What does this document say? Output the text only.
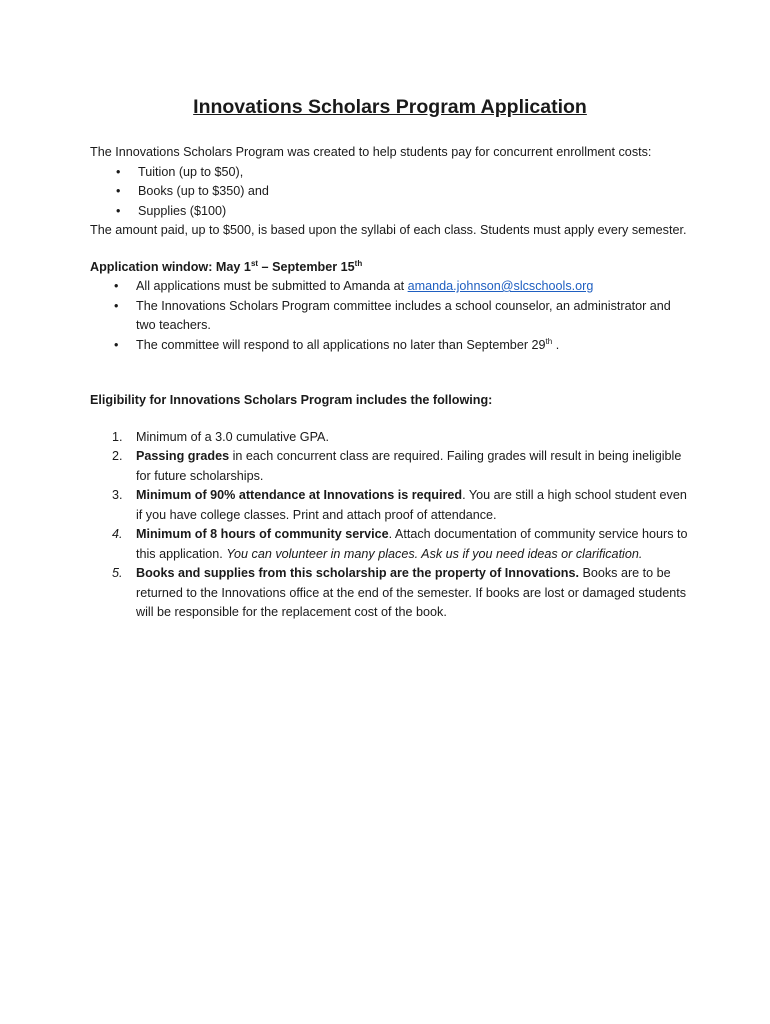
Innovations Scholars Program Application

The Innovations Scholars Program was created to help students pay for concurrent enrollment costs:

• Tuition (up to $50),
• Books (up to $350) and
• Supplies ($100)

The amount paid, up to $500, is based upon the syllabi of each class. Students must apply every semester.

Application window: May 1st – September 15th

• All applications must be submitted to Amanda at amanda.johnson@slcschools.org
• The Innovations Scholars Program committee includes a school counselor, an administrator and two teachers.
• The committee will respond to all applications no later than September 29th .

Eligibility for Innovations Scholars Program includes the following:

1. Minimum of a 3.0 cumulative GPA.
2. Passing grades in each concurrent class are required. Failing grades will result in being ineligible for future scholarships.
3. Minimum of 90% attendance at Innovations is required. You are still a high school student even if you have college classes. Print and attach proof of attendance.
4. Minimum of 8 hours of community service. Attach documentation of community service hours to this application. You can volunteer in many places. Ask us if you need ideas or clarification.
5. Books and supplies from this scholarship are the property of Innovations. Books are to be returned to the Innovations office at the end of the semester. If books are lost or damaged students will be responsible for the replacement cost of the book.
